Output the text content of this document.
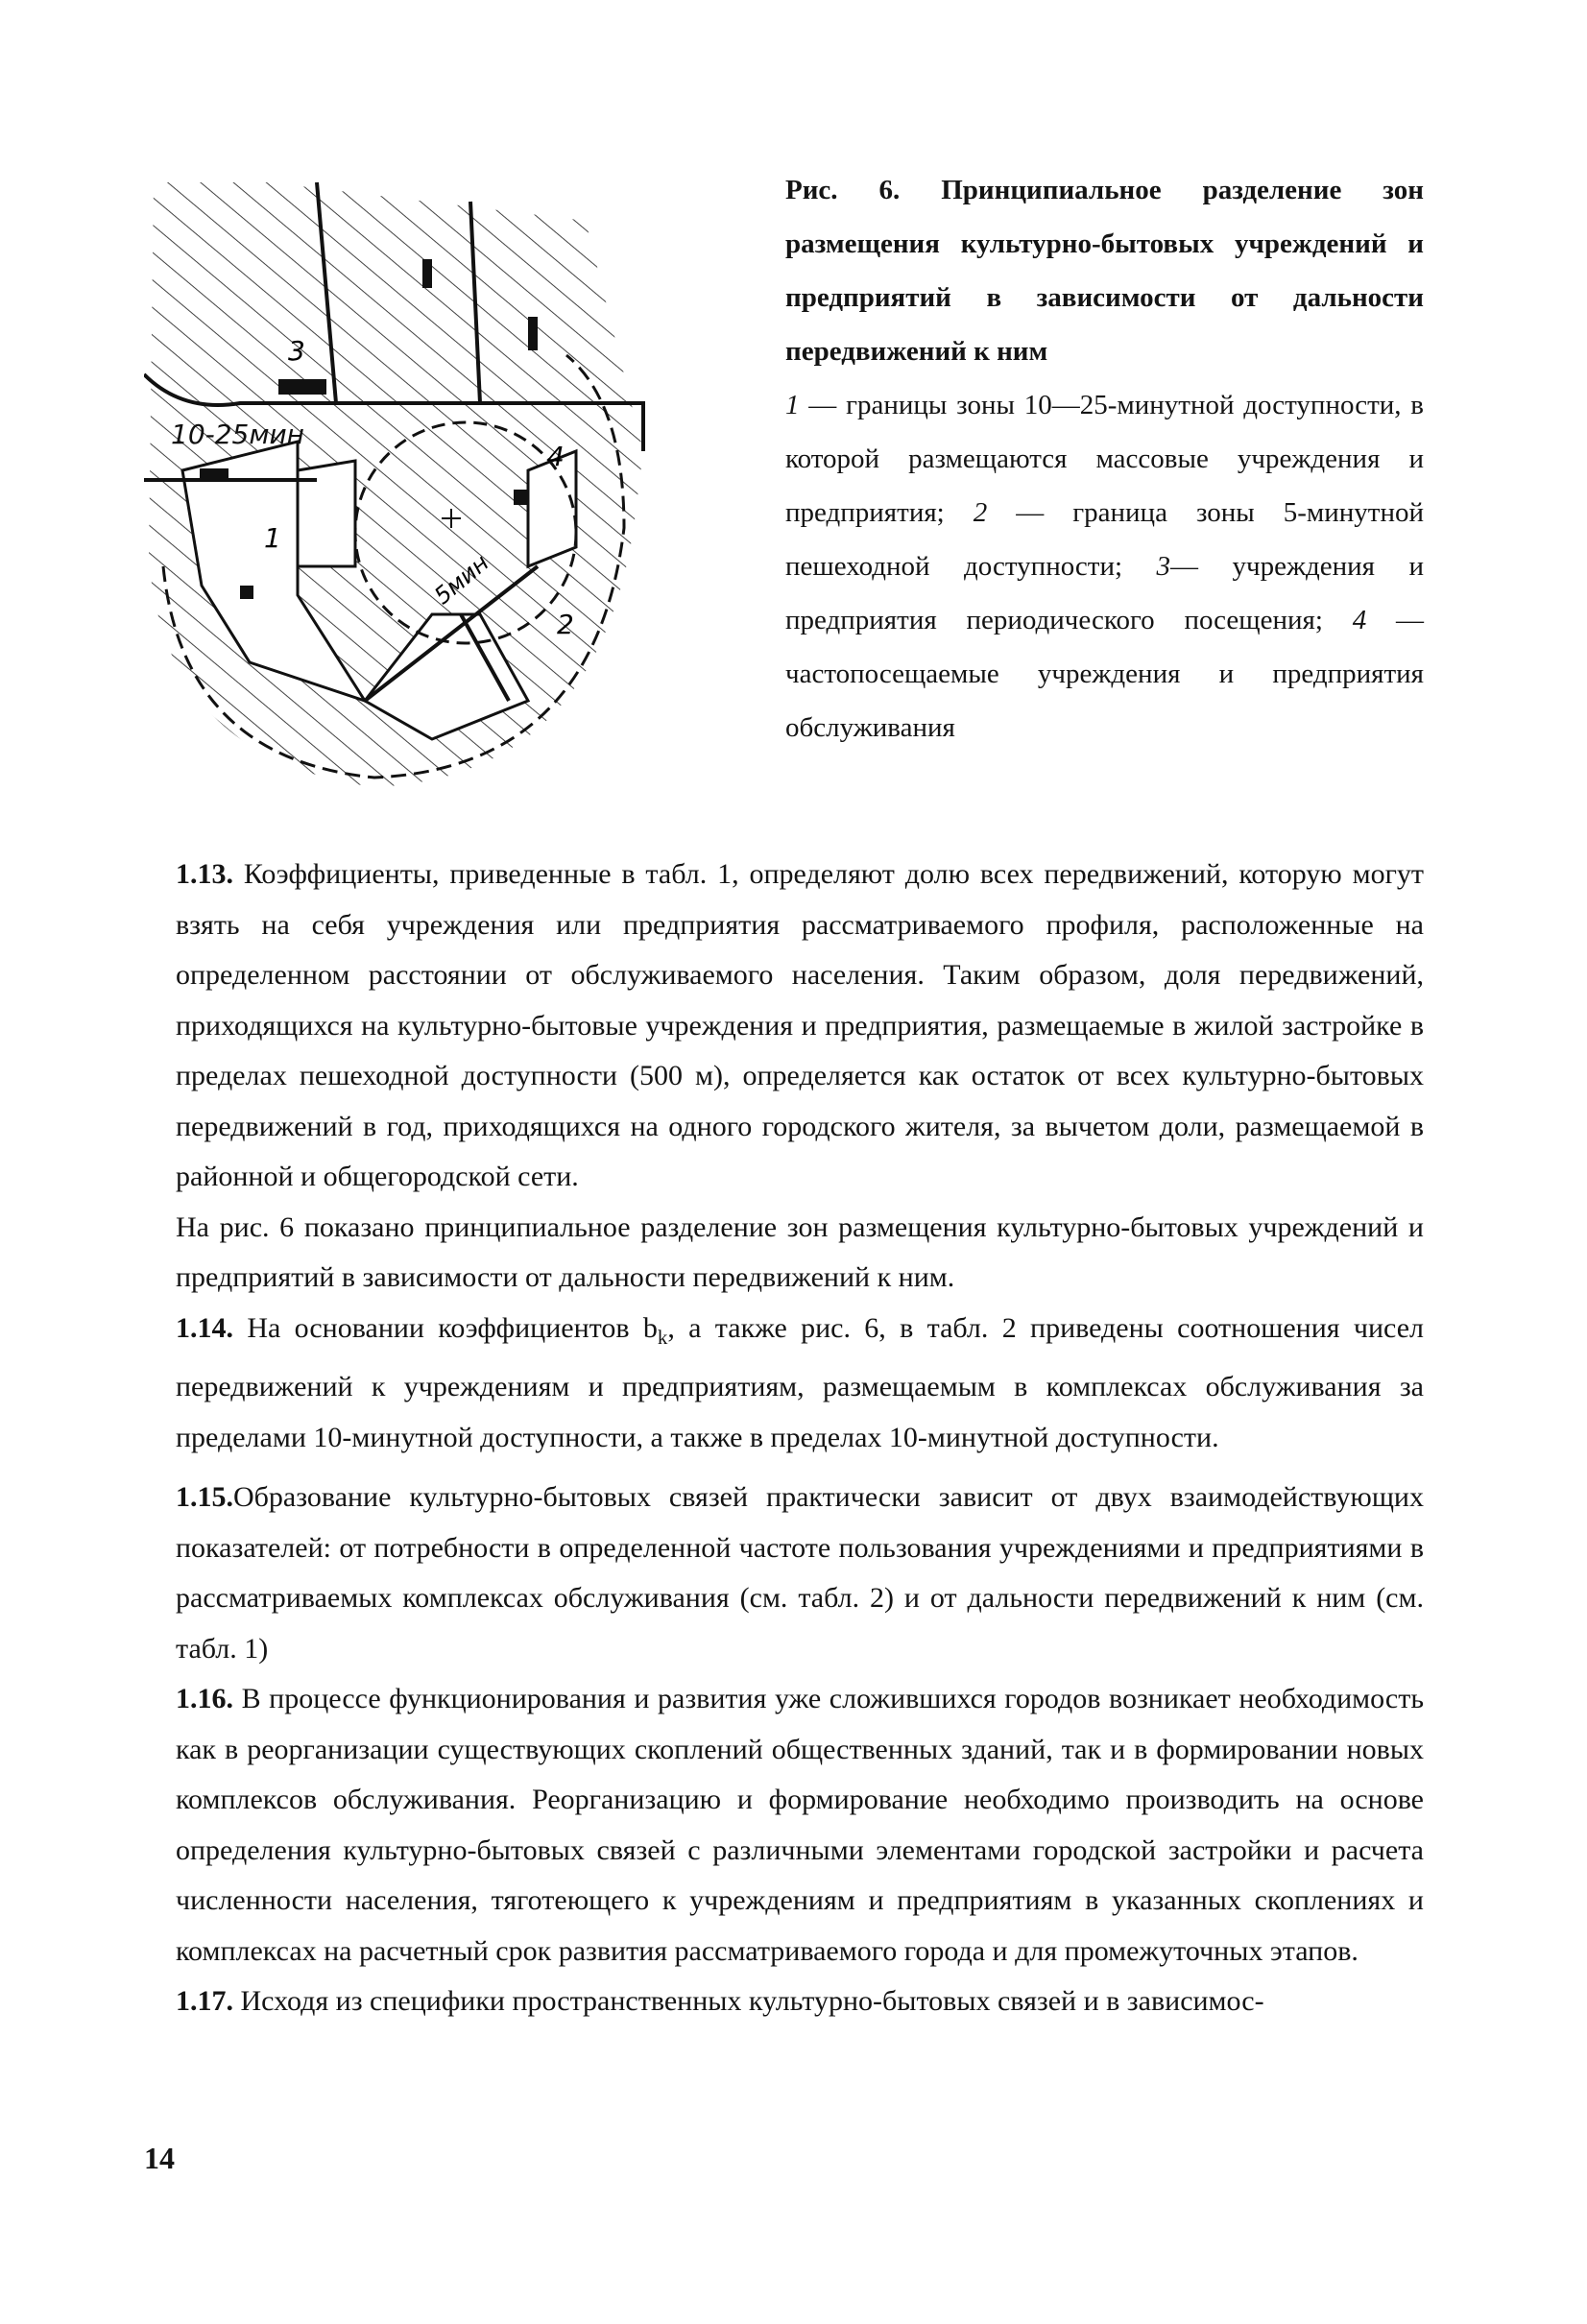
3
4
1
2
10-25мин
5мин

Рис. 6. Принципиальное разделение зон размещения культурно-бытовых учреждений и предприятий в зависимости от дальности передвижений к ним

1 — границы зоны 10—25-минутной доступности, в которой размещаются массовые учреждения и предприятия; 2 — граница зоны 5-минутной пешеходной доступности; 3— учреждения и предприятия периодического посещения; 4 — частопосещаемые учреждения и предприятия обслуживания

1.13. Коэффициенты, приведенные в табл. 1, определяют долю всех передвижений, которую могут взять на себя учреждения или предприятия рассматриваемого профиля, расположенные на определенном расстоянии от обслуживаемого населения. Таким образом, доля передвижений, приходящихся на культурно-бытовые учреждения и предприятия, размещаемые в жилой застройке в пределах пешеходной доступности (500 м), определяется как остаток от всех культурно-бытовых передвижений в год, приходящихся на одного городского жителя, за вычетом доли, размещаемой в районной и общегородской сети.

На рис. 6 показано принципиальное разделение зон размещения культурно-бытовых учреждений и предприятий в зависимости от дальности передвижений к ним.

1.14. На основании коэффициентов $b_k$, а также рис. 6, в табл. 2 приведены соотношения чисел передвижений к учреждениям и предприятиям, размещаемым в комплексах обслуживания за пределами 10-минутной доступности, а также в пределах 10-минутной доступности.

1.15.Образование культурно-бытовых связей практически зависит от двух взаимодействующих показателей: от потребности в определенной частоте пользования учреждениями и предприятиями в рассматриваемых комплексах обслуживания (см. табл. 2) и от дальности передвижений к ним (см. табл. 1)

1.16. В процессе функционирования и развития уже сложившихся городов возникает необходимость как в реорганизации существующих скоплений общественных зданий, так и в формировании новых комплексов обслуживания. Реорганизацию и формирование необходимо производить на основе определения культурно-бытовых связей с различными элементами городской застройки и расчета численности населения, тяготеющего к учреждениям и предприятиям в указанных скоплениях и комплексах на расчетный срок развития рассматриваемого города и для промежуточных этапов.

1.17. Исходя из специфики пространственных культурно-бытовых связей и в зависимос-

14
